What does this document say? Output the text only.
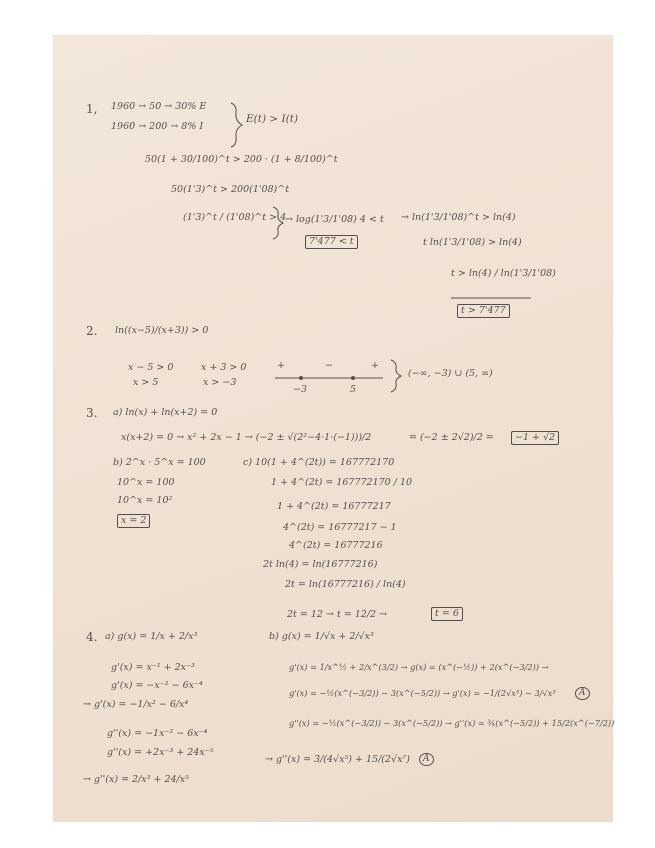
1, 1960 → 50 → 30% E
1960 → 200 → 8% I
E(t) > I(t)
50(1 + 30/100)^t > 200 · (1 + 8/100)^t
50(1'3)^t > 200(1'08)^t
(1'3)^t / (1'08)^t > 4
→ log(1'3/1'08) 4 < t
7'477 < t
→ ln(1'3/1'08)^t > ln(4)
t ln(1'3/1'08) > ln(4)
t > ln(4) / ln(1'3/1'08)
t > 7'477
2. ln((x−5)/(x+3)) > 0
x − 5 > 0
x > 5
x + 3 > 0
x > −3
+	−	+
−3	5
(−∞, −3) ∪ (5, ∞)
3. a) ln(x) + ln(x+2) = 0
x(x+2) = 0 → x² + 2x − 1 → (−2 ± √(2²−4·1·(−1)))/2	= (−2 ± 2√2)/2 =	−1 + √2
b) 2^x · 5^x = 100
10^x = 100
10^x = 10²
x = 2
c) 10(1 + 4^(2t)) = 167772170
1 + 4^(2t) = 167772170 / 10
1 + 4^(2t) = 16777217
4^(2t) = 16777217 − 1
4^(2t) = 16777216
2t ln(4) = ln(16777216)
2t = ln(16777216) / ln(4)
2t = 12 → t = 12/2 →	t = 6
4. a) g(x) = 1/x + 2/x³
g'(x) = x⁻¹ + 2x⁻³
g'(x) = −x⁻² − 6x⁻⁴
→ g'(x) = −1/x² − 6/x⁴
g''(x) = −1x⁻² − 6x⁻⁴
g''(x) = +2x⁻³ + 24x⁻⁵
→ g''(x) = 2/x³ + 24/x⁵
b) g(x) = 1/√x + 2/√x³
g'(x) = 1/x^½ + 2/x^(3/2) → g(x) = (x^(−½)) + 2(x^(−3/2)) →
g'(x) = −½(x^(−3/2)) − 3(x^(−5/2)) → g'(x) = −1/(2√x³) − 3/√x⁵	A
g''(x) = −½(x^(−3/2)) − 3(x^(−5/2)) → g''(x) = ¾(x^(−5/2)) + 15/2(x^(−7/2))
→ g''(x) = 3/(4√x⁵) + 15/(2√x⁷)	A
